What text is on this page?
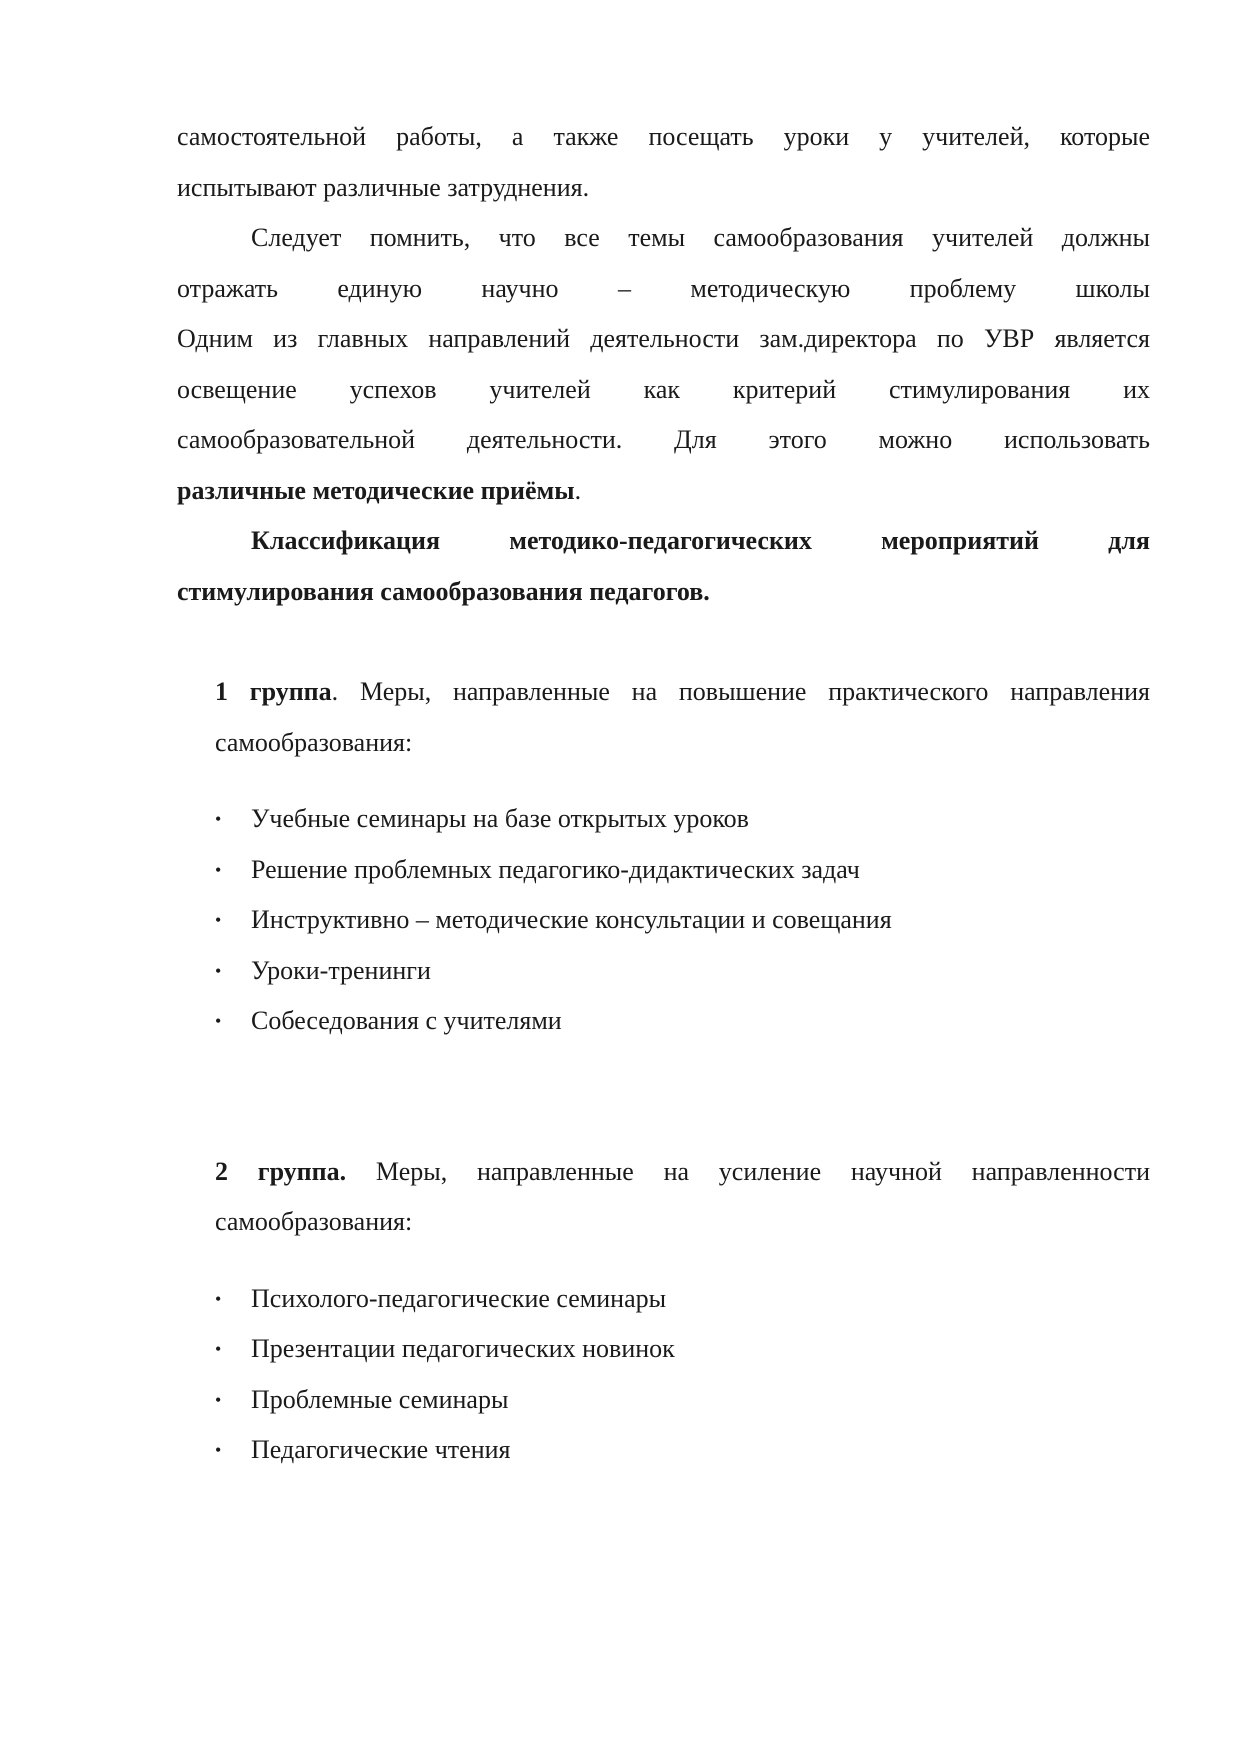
самостоятельной работы, а также посещать уроки у учителей, которые
испытывают различные затруднения.

Следует помнить, что все темы самообразования учителей должны
отражать единую научно – методическую проблему школы
Одним из главных направлений деятельности зам.директора по УВР является
освещение успехов учителей как критерий стимулирования их
самообразовательной деятельности. Для этого можно использовать
различные методические приёмы.

Классификация методико-педагогических мероприятий для
стимулирования самообразования педагогов.

1 группа. Меры, направленные на повышение практического направления самообразования:

•	Учебные семинары на базе открытых уроков
•	Решение проблемных педагогико-дидактических задач
•	Инструктивно – методические консультации и совещания
•	Уроки-тренинги
•	Собеседования с учителями

2 группа. Меры, направленные на усиление научной направленности самообразования:

•	Психолого-педагогические семинары
•	Презентации педагогических новинок
•	Проблемные семинары
•	Педагогические чтения
